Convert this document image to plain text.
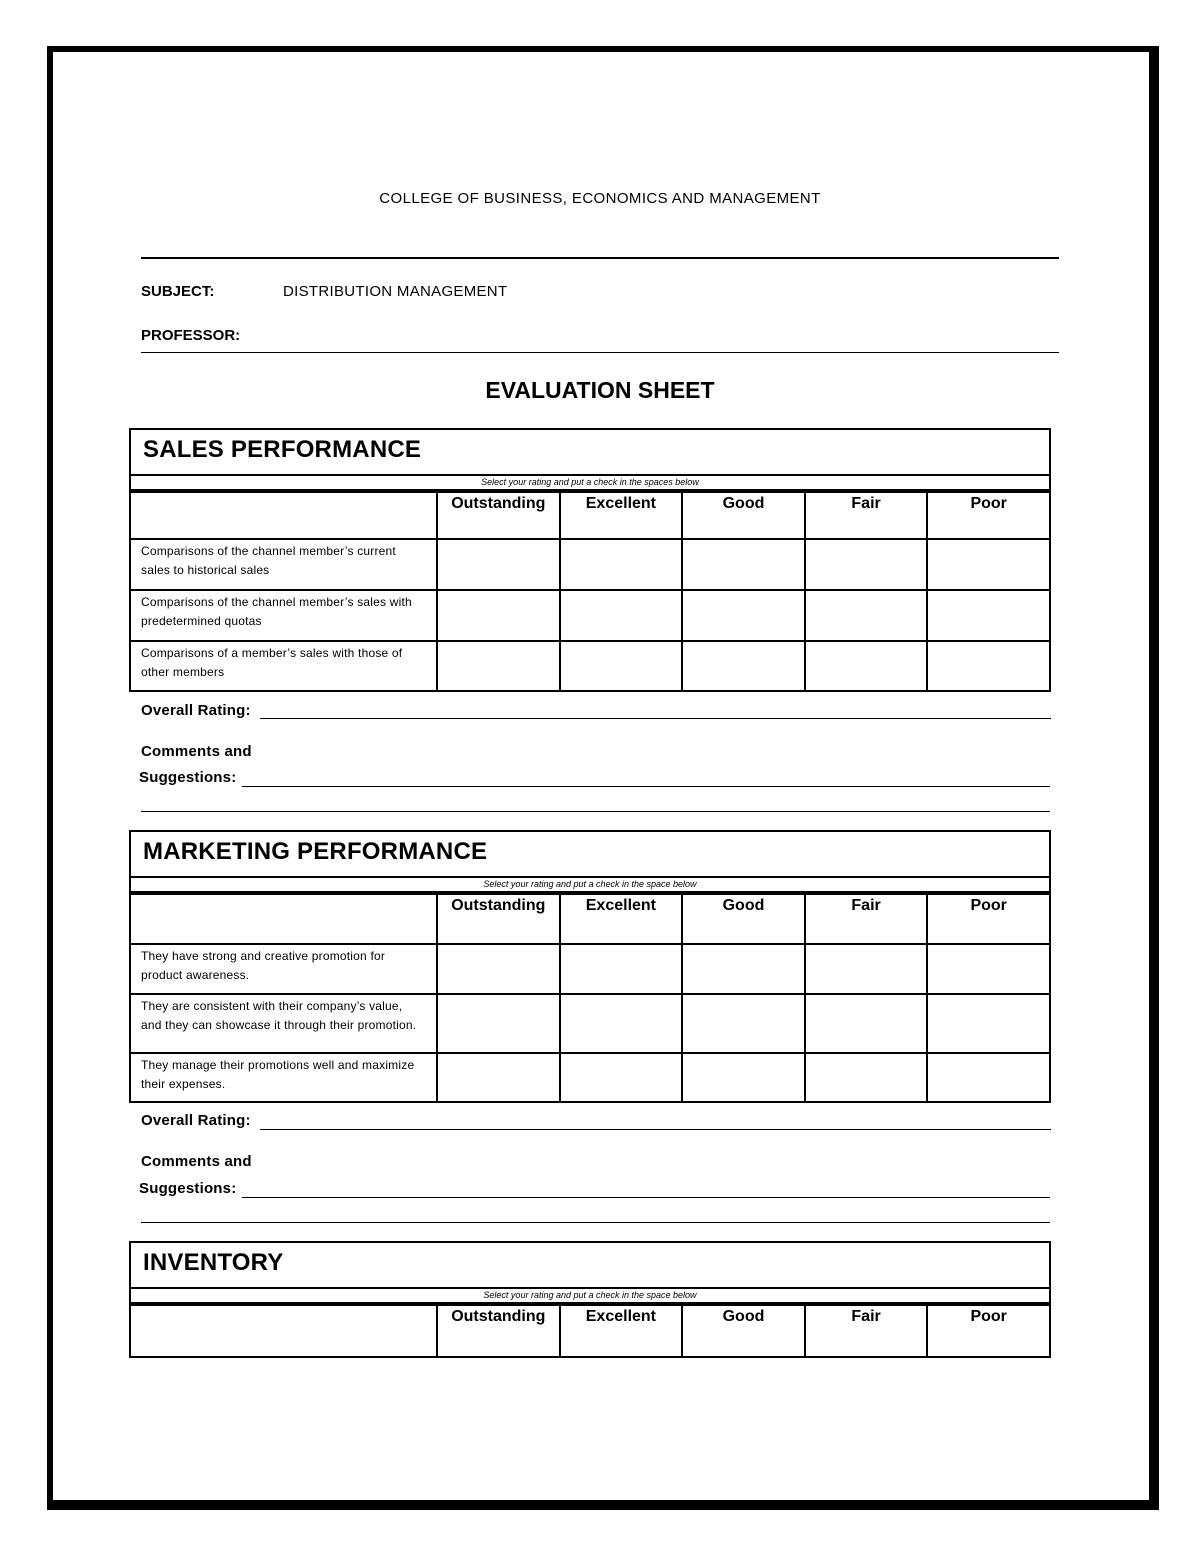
COLLEGE OF BUSINESS, ECONOMICS AND MANAGEMENT
SUBJECT:	DISTRIBUTION MANAGEMENT
PROFESSOR:
EVALUATION SHEET
SALES PERFORMANCE
Select your rating and put a check in the spaces below
	Outstanding	Excellent	Good	Fair	Poor
Comparisons of the channel member’s current sales to historical sales					
Comparisons of the channel member’s sales with predetermined quotas					
Comparisons of a member’s sales with those of other members					
Overall Rating:
Comments and
Suggestions:
MARKETING PERFORMANCE
Select your rating and put a check in the space below
	Outstanding	Excellent	Good	Fair	Poor
They have strong and creative promotion for product awareness.					
They are consistent with their company’s value, and they can showcase it through their promotion.					
They manage their promotions well and maximize their expenses.					
Overall Rating:
Comments and
Suggestions:
INVENTORY
Select your rating and put a check in the space below
	Outstanding	Excellent	Good	Fair	Poor
